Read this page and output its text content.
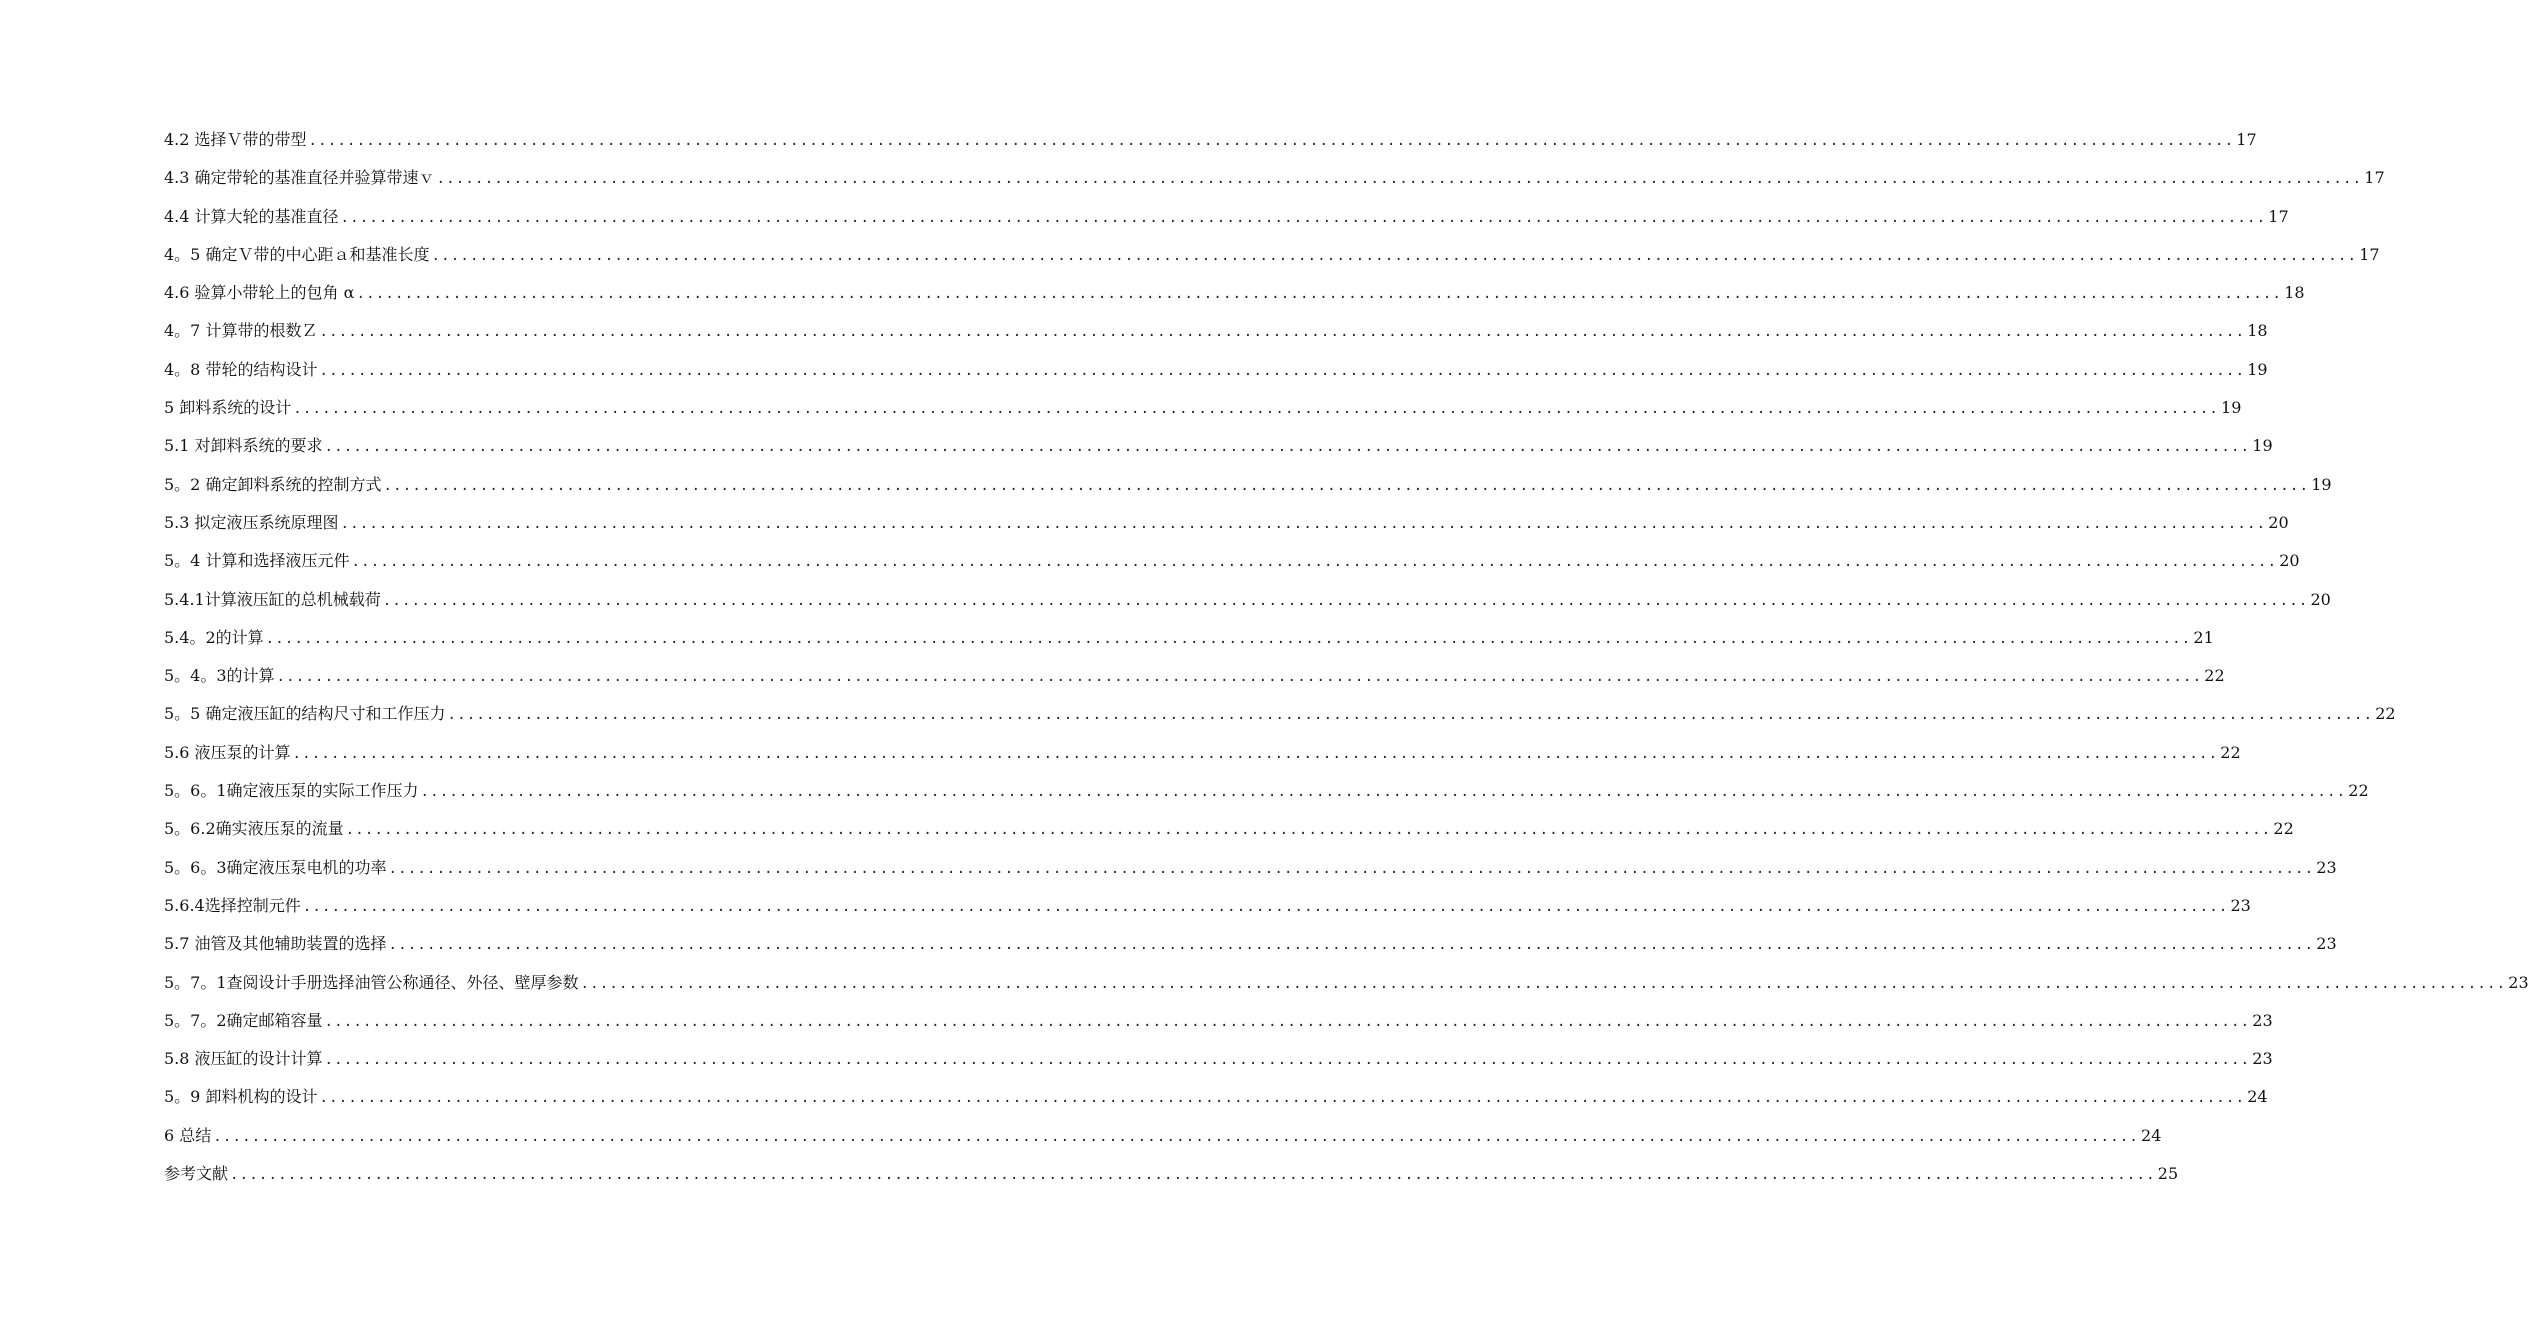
4.2 选择Ｖ带的带型 ........................................................................................................................................................................................................ 17
4.3 确定带轮的基准直径并验算带速ｖ ........................................................................................................................................................................................................ 17
4.4 计算大轮的基准直径 ........................................................................................................................................................................................................ 17
4。5 确定Ｖ带的中心距ａ和基准长度 ........................................................................................................................................................................................................ 17
4.6 验算小带轮上的包角 α ........................................................................................................................................................................................................ 18
4。7 计算带的根数Ｚ ........................................................................................................................................................................................................ 18
4。8 带轮的结构设计 ........................................................................................................................................................................................................ 19
5 卸料系统的设计 ........................................................................................................................................................................................................ 19
5.1 对卸料系统的要求 ........................................................................................................................................................................................................ 19
5。2 确定卸料系统的控制方式 ........................................................................................................................................................................................................ 19
5.3 拟定液压系统原理图 ........................................................................................................................................................................................................ 20
5。4 计算和选择液压元件 ........................................................................................................................................................................................................ 20
5.4.1计算液压缸的总机械载荷 ........................................................................................................................................................................................................ 20
5.4。2的计算 ........................................................................................................................................................................................................ 21
5。4。3的计算 ........................................................................................................................................................................................................ 22
5。5 确定液压缸的结构尺寸和工作压力 ........................................................................................................................................................................................................ 22
5.6 液压泵的计算 ........................................................................................................................................................................................................ 22
5。6。1确定液压泵的实际工作压力 ........................................................................................................................................................................................................ 22
5。6.2确实液压泵的流量 ........................................................................................................................................................................................................ 22
5。6。3确定液压泵电机的功率 ........................................................................................................................................................................................................ 23
5.6.4选择控制元件 ........................................................................................................................................................................................................ 23
5.7 油管及其他辅助装置的选择 ........................................................................................................................................................................................................ 23
5。7。1查阅设计手册选择油管公称通径、外径、壁厚参数 ........................................................................................................................................................................................................ 23
5。7。2确定邮箱容量 ........................................................................................................................................................................................................ 23
5.8 液压缸的设计计算 ........................................................................................................................................................................................................ 23
5。9 卸料机构的设计 ........................................................................................................................................................................................................ 24
6 总结 ........................................................................................................................................................................................................ 24
参考文献 ........................................................................................................................................................................................................ 25
